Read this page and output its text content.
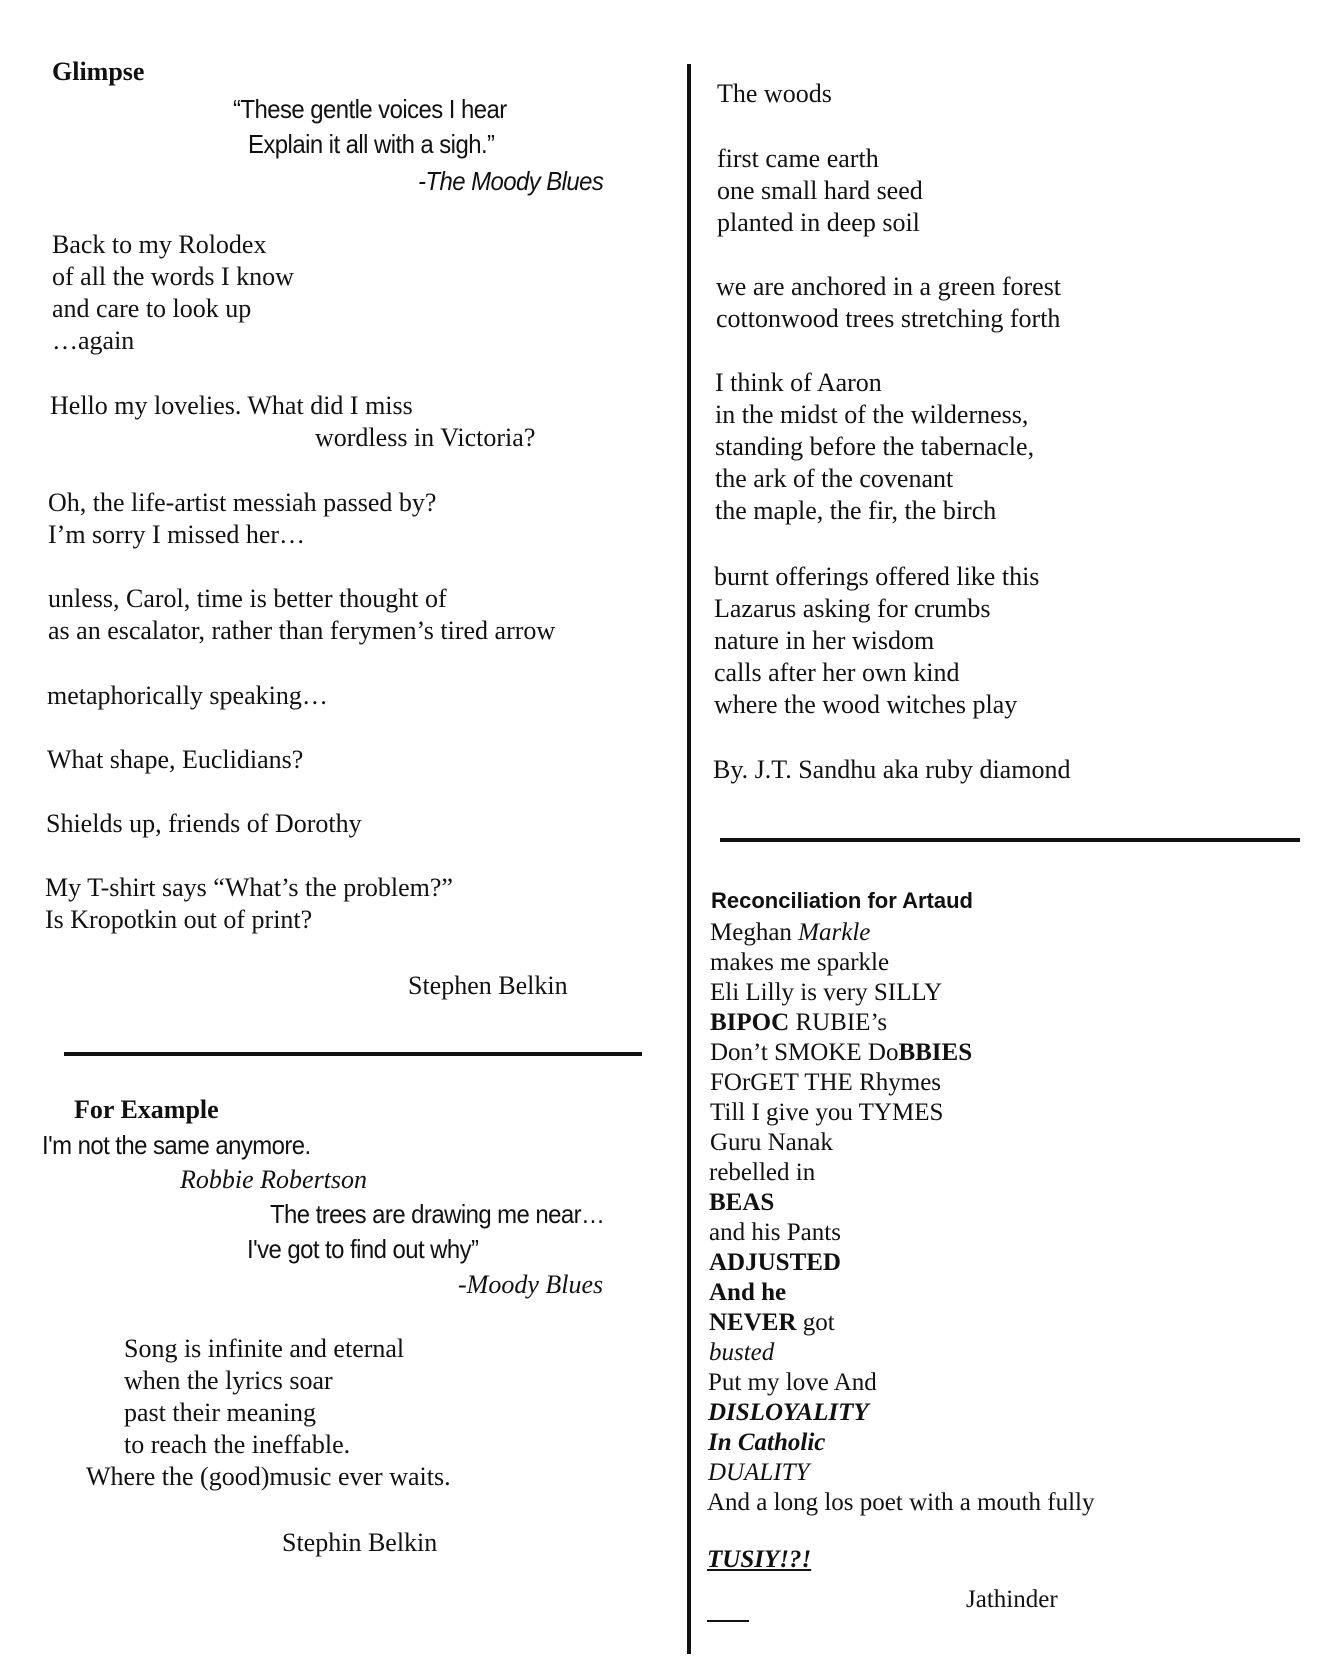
Glimpse
“These gentle voices I hear
Explain it all with a sigh.”
-The Moody Blues
Back to my Rolodex
of all the words I know
and care to look up
…again
Hello my lovelies. What did I miss
wordless in Victoria?
Oh, the life-artist messiah passed by?
I’m sorry I missed her…
unless, Carol, time is better thought of
as an escalator, rather than ferymen’s tired arrow
metaphorically speaking…
What shape, Euclidians?
Shields up, friends of Dorothy
My T-shirt says “What’s the problem?”
Is Kropotkin out of print?
Stephen Belkin
For Example
I'm not the same anymore.
Robbie Robertson
The trees are drawing me near…
I've got to find out why”
-Moody Blues
Song is infinite and eternal
when the lyrics soar
past their meaning
to reach the ineffable.
Where the (good)music ever waits.
Stephin Belkin
The woods
first came earth
one small hard seed
planted in deep soil
we are anchored in a green forest
cottonwood trees stretching forth
I think of Aaron
in the midst of the wilderness,
standing before the tabernacle,
the ark of the covenant
the maple, the fir, the birch
burnt offerings offered like this
Lazarus asking for crumbs
nature in her wisdom
calls after her own kind
where the wood witches play
By. J.T. Sandhu aka ruby diamond
Reconciliation for Artaud
Meghan Markle
makes me sparkle
Eli Lilly is very SILLY
BIPOC RUBIE’s
Don’t SMOKE DoBBIES
FOrGET THE Rhymes
Till I give you TYMES
Guru Nanak
rebelled in
BEAS
and his Pants
ADJUSTED
And he
NEVER got
busted
Put my love And
DISLOYALITY
In Catholic
DUALITY
And a long los poet with a mouth fully
TUSIY!?!
Jathinder
